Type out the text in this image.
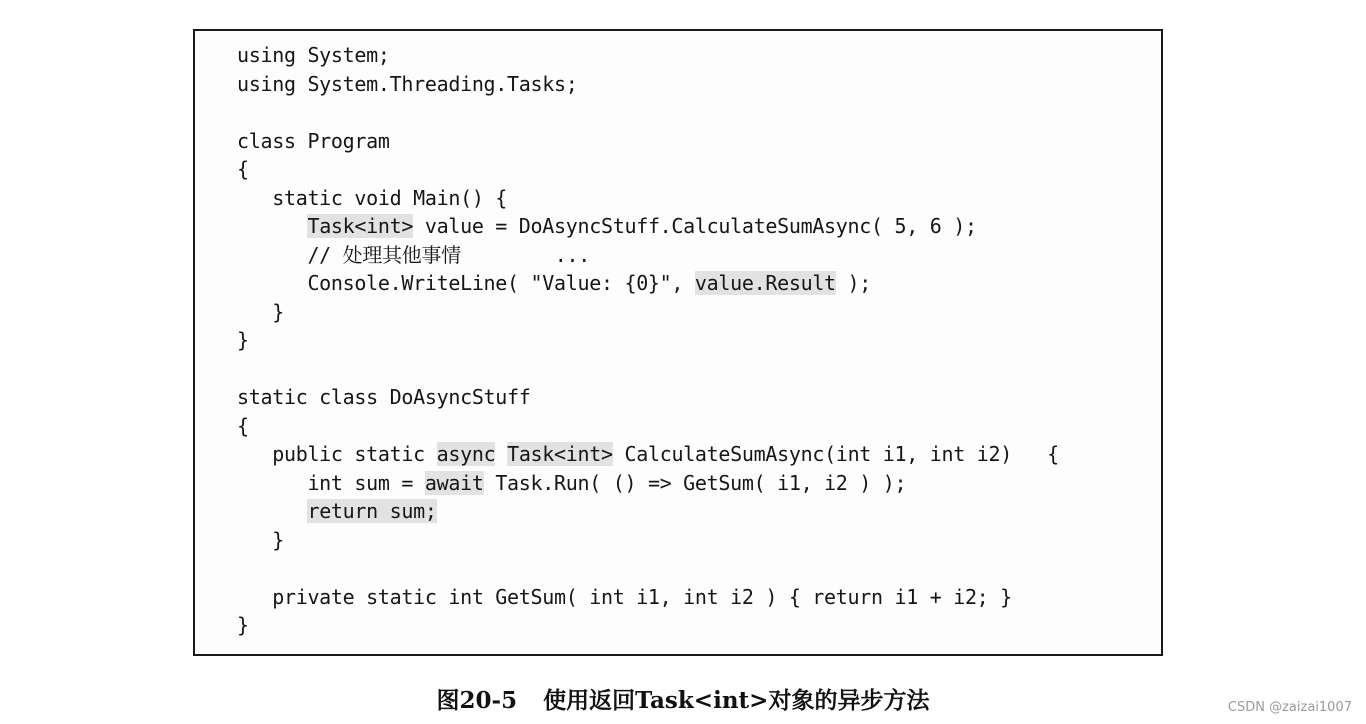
using System;
using System.Threading.Tasks;

class Program
{
static void Main() {
Task<int> value = DoAsyncStuff.CalculateSumAsync( 5, 6 );
// 处理其他事情        ...
Console.WriteLine( "Value: {0}", value.Result );
}
}

static class DoAsyncStuff
{
public static async Task<int> CalculateSumAsync(int i1, int i2)   {
int sum = await Task.Run( () => GetSum( i1, i2 ) );
return sum;
}

private static int GetSum( int i1, int i2 ) { return i1 + i2; }
}
图20-5 使用返回Task<int>对象的异步方法	CSDN @zaizai1007
